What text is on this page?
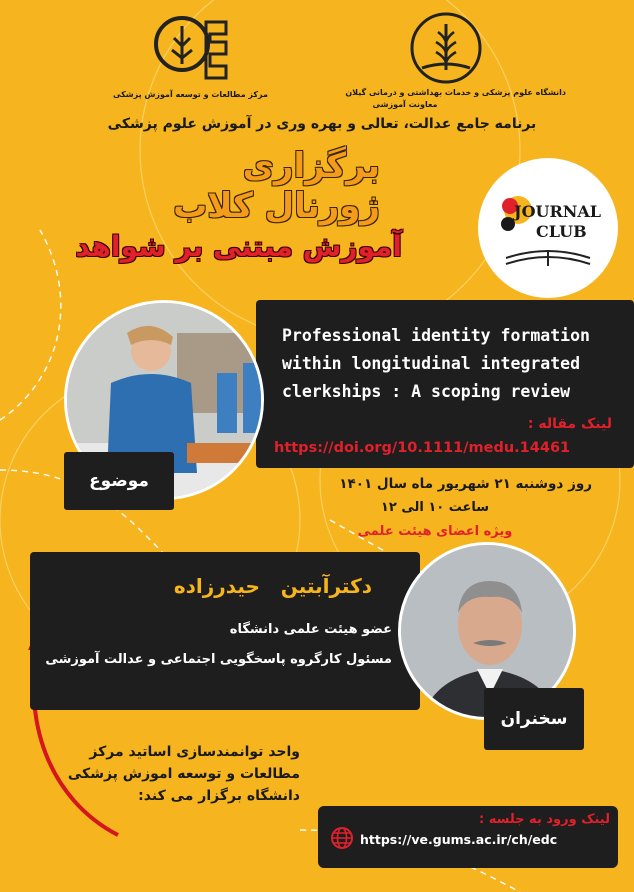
مرکز مطالعات و توسعه آموزش پزشکی	دانشگاه علوم پزشکی و خدمات بهداشتی و درمانی گیلان
معاونت آموزشی
برنامه جامع عدالت، تعالی و بهره وری در آموزش علوم پزشکی
برگزاری
ژورنال کلاب
آموزش مبتنی بر شواهد
JOURNAL
CLUB
Professional identity formation
within longitudinal integrated
clerkships : A scoping review
لینک مقاله :
https://doi.org/10.1111/medu.14461
موضوع	روز دوشنبه ۲۱ شهریور ماه سال ۱۴۰۱
ساعت ۱۰ الی ۱۲
ویژه اعضای هیئت علمی
دکترآبتین   حیدرزاده
عضو هیئت علمی دانشگاه
مسئول کارگروه پاسخگویی اجتماعی و عدالت آموزشی
سخنران
واحد توانمندسازی اساتید مرکز
مطالعات و توسعه اموزش پزشکی
دانشگاه برگزار می کند:
لینک ورود به جلسه :
https://ve.gums.ac.ir/ch/edc
